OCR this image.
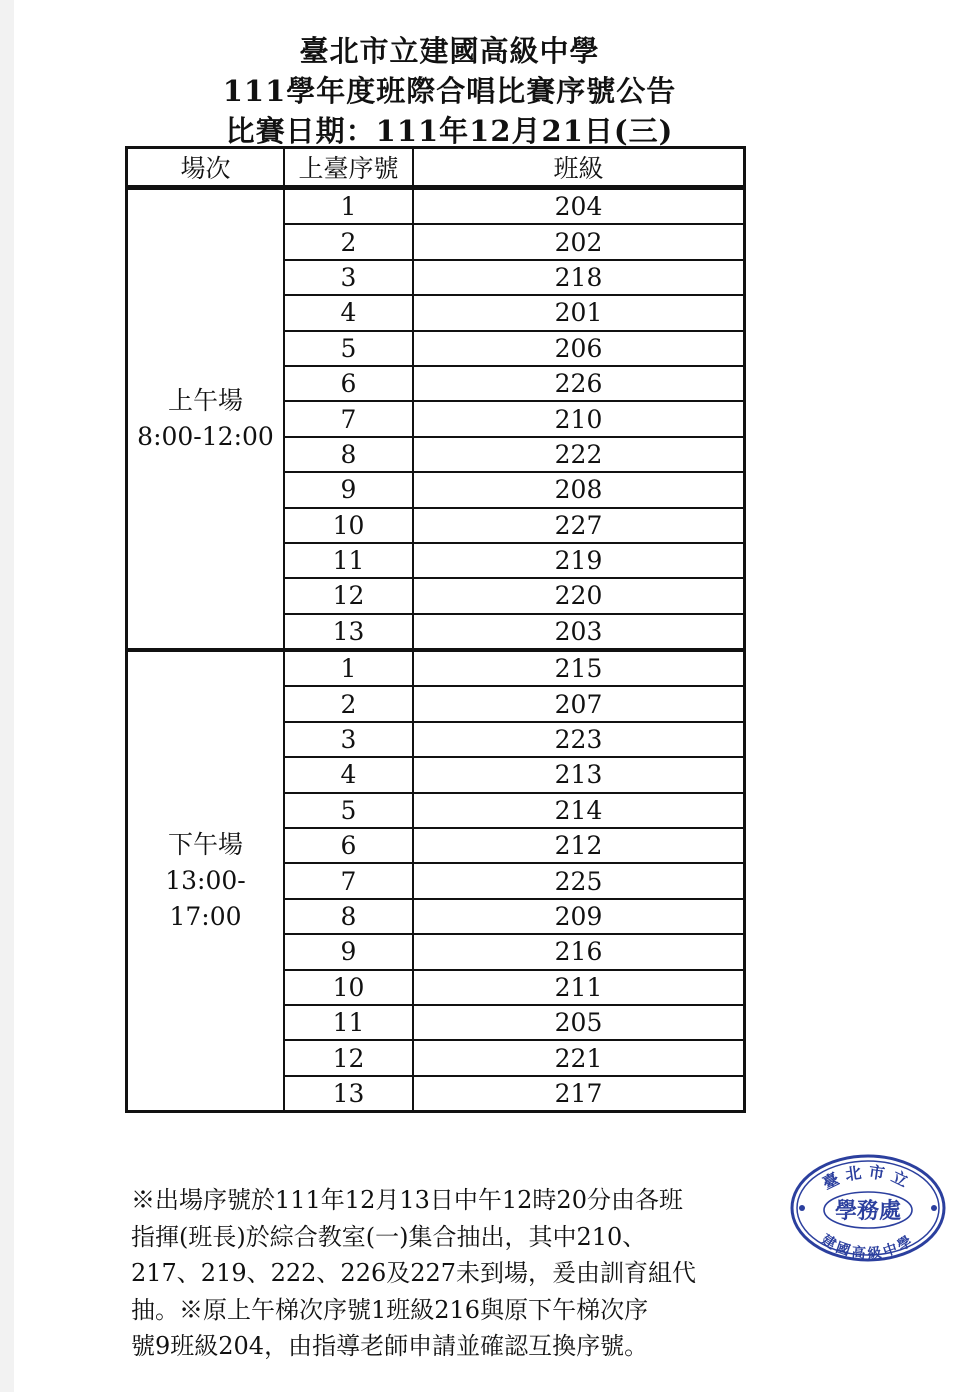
臺北市立建國高級中學
111學年度班際合唱比賽序號公告
比賽日期：111年12月21日(三)
場次	上臺序號	班級

上午場
8:00-12:00	1	204
	2	202
	3	218
	4	201
	5	206
	6	226
	7	210
	8	222
	9	208
	10	227
	11	219
	12	220
	13	203

下午場
13:00-
17:00	1	215
	2	207
	3	223
	4	213
	5	214
	6	212
	7	225
	8	209
	9	216
	10	211
	11	205
	12	221
	13	217
※出場序號於111年12月13日中午12時20分由各班
指揮(班長)於綜合教室(一)集合抽出，其中210、
217、219、222、226及227未到場，爰由訓育組代
抽。※原上午梯次序號1班級216與原下午梯次序
號9班級204，由指導老師申請並確認互換序號。
臺北市立
學務處
建國高級中學
